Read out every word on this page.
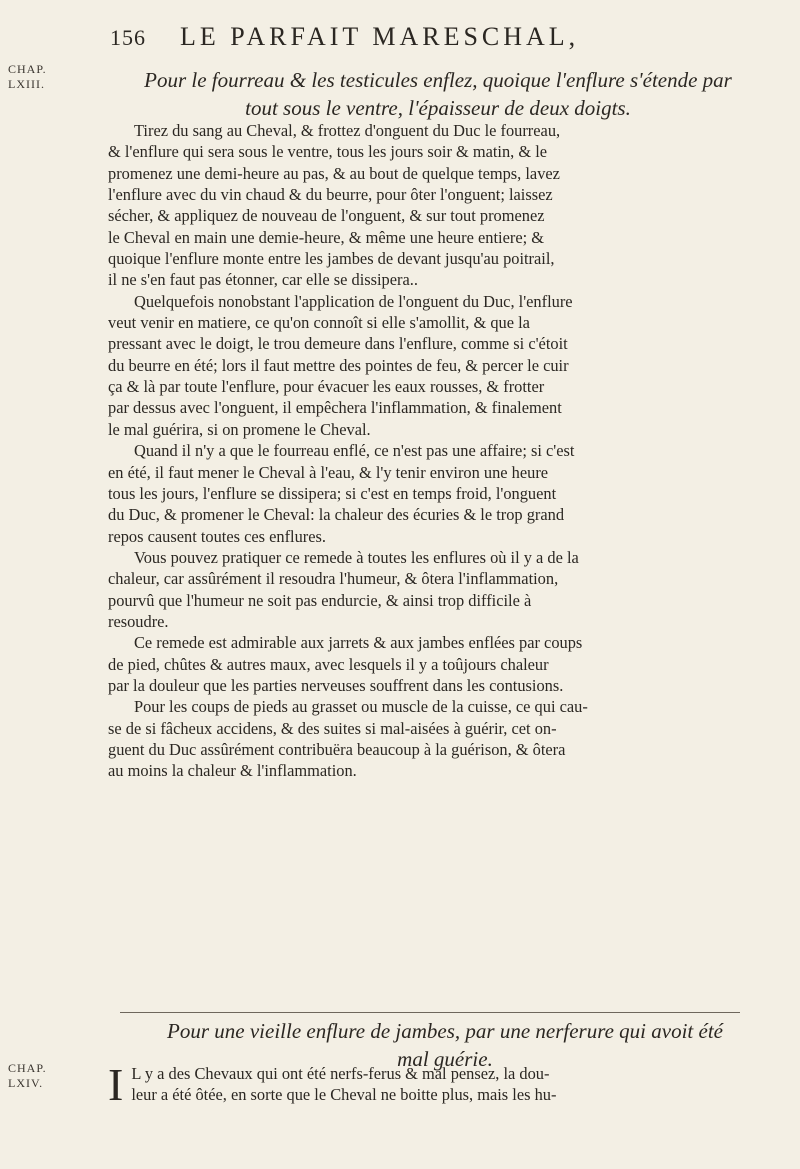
156 LE PARFAIT MARESCHAL,
CHAP.
LXIII.	Pour le fourreau & les testicules enflez, quoique l'enflure s'étende par
tout sous le ventre, l'épaisseur de deux doigts.
Tirez du sang au Cheval, & frottez d'onguent du Duc le fourreau,
& l'enflure qui sera sous le ventre, tous les jours soir & matin, & le
promenez une demi-heure au pas, & au bout de quelque temps, lavez
l'enflure avec du vin chaud & du beurre, pour ôter l'onguent; laissez
sécher, & appliquez de nouveau de l'onguent, & sur tout promenez
le Cheval en main une demie-heure, & même une heure entiere; &
quoique l'enflure monte entre les jambes de devant jusqu'au poitrail,
il ne s'en faut pas étonner, car elle se dissipera..
Quelquefois nonobstant l'application de l'onguent du Duc, l'enflure
veut venir en matiere, ce qu'on connoît si elle s'amollit, & que la
pressant avec le doigt, le trou demeure dans l'enflure, comme si c'étoit
du beurre en été; lors il faut mettre des pointes de feu, & percer le cuir
ça & là par toute l'enflure, pour évacuer les eaux rousses, & frotter
par dessus avec l'onguent, il empêchera l'inflammation, & finalement
le mal guérira, si on promene le Cheval.
Quand il n'y a que le fourreau enflé, ce n'est pas une affaire; si c'est
en été, il faut mener le Cheval à l'eau, & l'y tenir environ une heure
tous les jours, l'enflure se dissipera; si c'est en temps froid, l'onguent
du Duc, & promener le Cheval: la chaleur des écuries & le trop grand
repos causent toutes ces enflures.
Vous pouvez pratiquer ce remede à toutes les enflures où il y a de la
chaleur, car assûrément il resoudra l'humeur, & ôtera l'inflammation,
pourvû que l'humeur ne soit pas endurcie, & ainsi trop difficile à
resoudre.
Ce remede est admirable aux jarrets & aux jambes enflées par coups
de pied, chûtes & autres maux, avec lesquels il y a toûjours chaleur
par la douleur que les parties nerveuses souffrent dans les contusions.
Pour les coups de pieds au grasset ou muscle de la cuisse, ce qui cau-
se de si fâcheux accidens, & des suites si mal-aisées à guérir, cet on-
guent du Duc assûrément contribuëra beaucoup à la guérison, & ôtera
au moins la chaleur & l'inflammation.
Pour une vieille enflure de jambes, par une nerferure qui avoit été
mal guérie.
CHAP.
LXIV. I L y a des Chevaux qui ont été nerfs-ferus & mal pensez, la dou-
leur a été ôtée, en sorte que le Cheval ne boitte plus, mais les hu-
